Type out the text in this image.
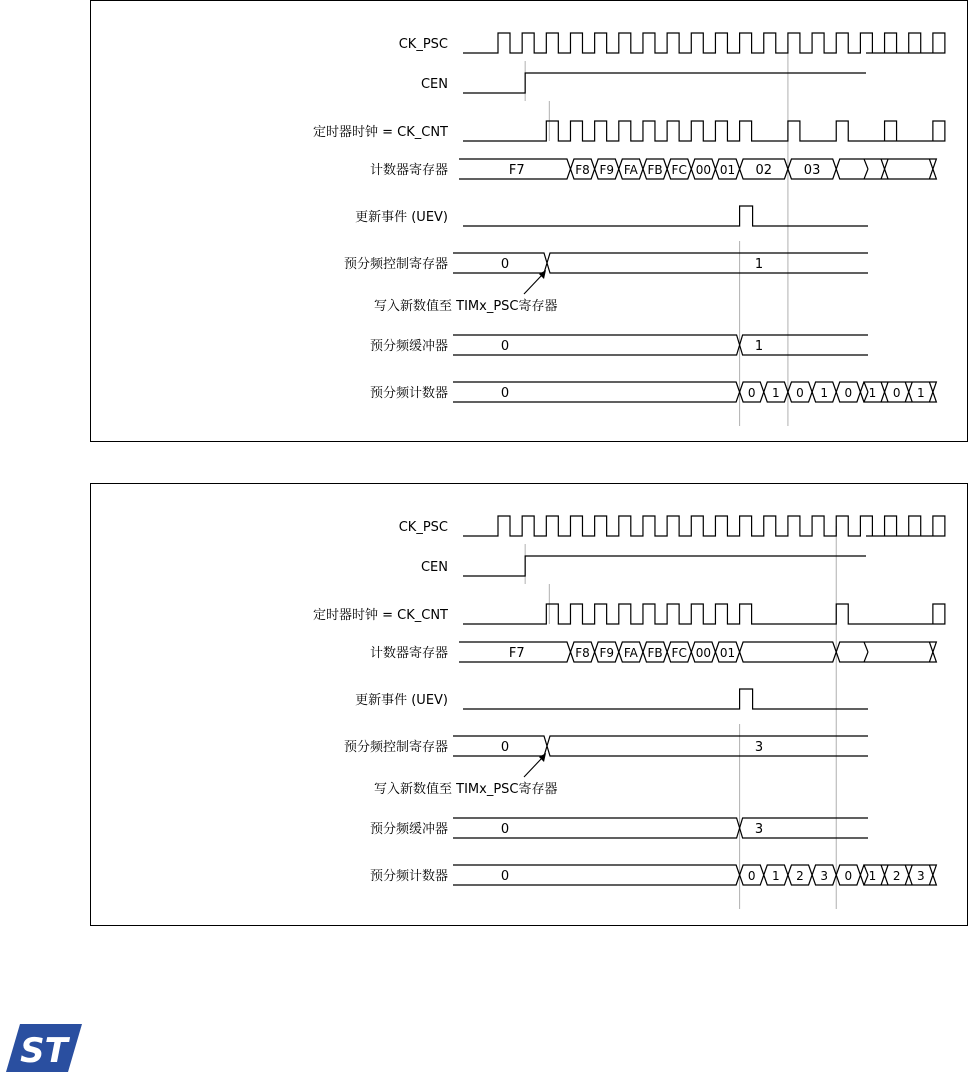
CK_PSC
CEN
定时器时钟 = CK_CNT
计数器寄存器	F7	F8 F9 FA FB FC 00 01 02 03
更新事件 (UEV)
预分频控制寄存器	0	1
写入新数值至 TIMx_PSC寄存器
预分频缓冲器	0	1
预分频计数器	0	0 1 0 1 0 1 0 1
CK_PSC
CEN
定时器时钟 = CK_CNT
计数器寄存器	F7	F8 F9 FA FB FC 00 01
更新事件 (UEV)
预分频控制寄存器	0	3
写入新数值至 TIMx_PSC寄存器
预分频缓冲器	0	3
预分频计数器	0	0 1 2 3 0 1 2 3
ST
